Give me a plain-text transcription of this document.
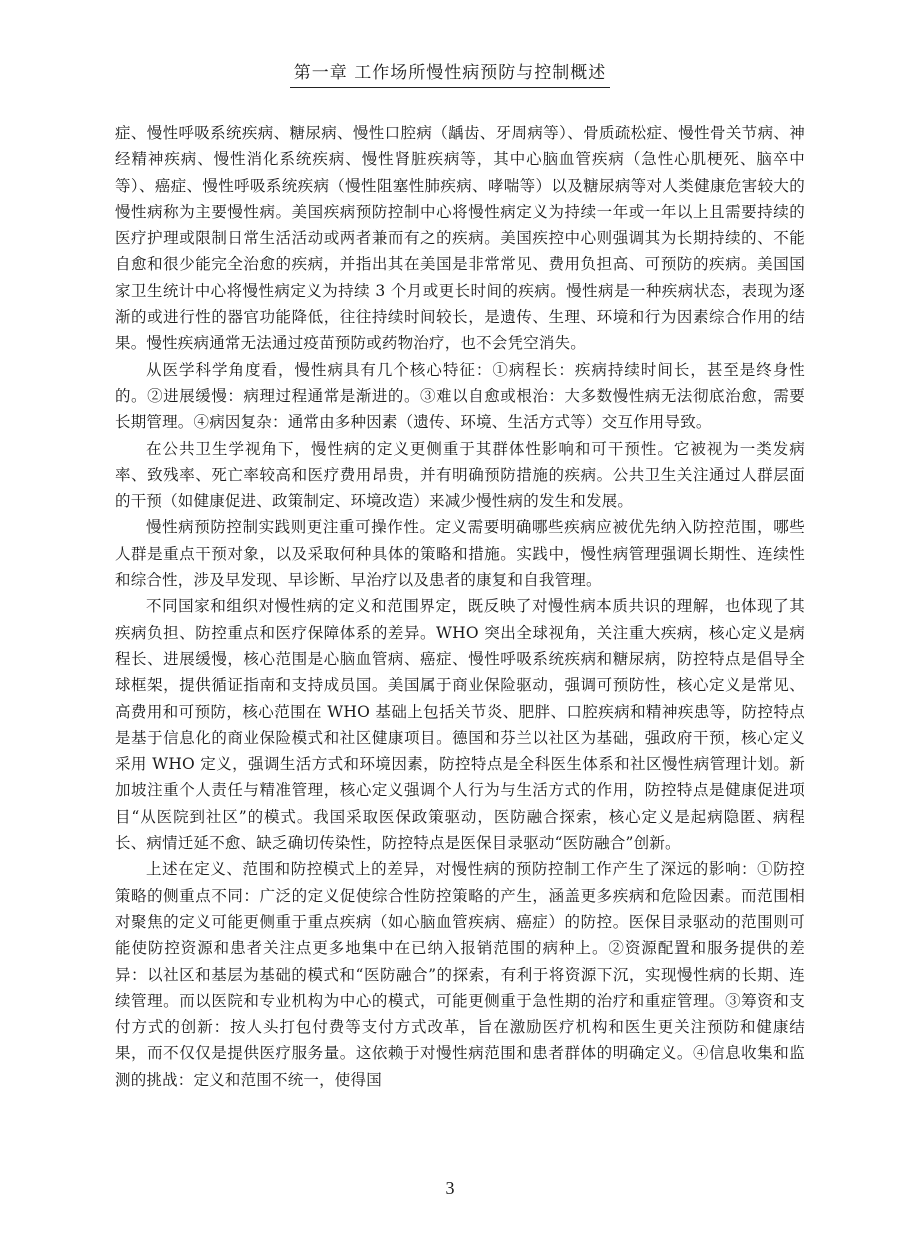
第一章 工作场所慢性病预防与控制概述

症、慢性呼吸系统疾病、糖尿病、慢性口腔病（龋齿、牙周病等）、骨质疏松症、慢性骨关节病、神经精神疾病、慢性消化系统疾病、慢性肾脏疾病等，其中心脑血管疾病（急性心肌梗死、脑卒中等）、癌症、慢性呼吸系统疾病（慢性阻塞性肺疾病、哮喘等）以及糖尿病等对人类健康危害较大的慢性病称为主要慢性病。美国疾病预防控制中心将慢性病定义为持续一年或一年以上且需要持续的医疗护理或限制日常生活活动或两者兼而有之的疾病。美国疾控中心则强调其为长期持续的、不能自愈和很少能完全治愈的疾病，并指出其在美国是非常常见、费用负担高、可预防的疾病。美国国家卫生统计中心将慢性病定义为持续 3 个月或更长时间的疾病。慢性病是一种疾病状态，表现为逐渐的或进行性的器官功能降低，往往持续时间较长，是遗传、生理、环境和行为因素综合作用的结果。慢性疾病通常无法通过疫苗预防或药物治疗，也不会凭空消失。

从医学科学角度看，慢性病具有几个核心特征：①病程长：疾病持续时间长，甚至是终身性的。②进展缓慢：病理过程通常是渐进的。③难以自愈或根治：大多数慢性病无法彻底治愈，需要长期管理。④病因复杂：通常由多种因素（遗传、环境、生活方式等）交互作用导致。

在公共卫生学视角下，慢性病的定义更侧重于其群体性影响和可干预性。它被视为一类发病率、致残率、死亡率较高和医疗费用昂贵，并有明确预防措施的疾病。公共卫生关注通过人群层面的干预（如健康促进、政策制定、环境改造）来减少慢性病的发生和发展。

慢性病预防控制实践则更注重可操作性。定义需要明确哪些疾病应被优先纳入防控范围，哪些人群是重点干预对象，以及采取何种具体的策略和措施。实践中，慢性病管理强调长期性、连续性和综合性，涉及早发现、早诊断、早治疗以及患者的康复和自我管理。

不同国家和组织对慢性病的定义和范围界定，既反映了对慢性病本质共识的理解，也体现了其疾病负担、防控重点和医疗保障体系的差异。WHO 突出全球视角，关注重大疾病，核心定义是病程长、进展缓慢，核心范围是心脑血管病、癌症、慢性呼吸系统疾病和糖尿病，防控特点是倡导全球框架，提供循证指南和支持成员国。美国属于商业保险驱动，强调可预防性，核心定义是常见、高费用和可预防，核心范围在 WHO 基础上包括关节炎、肥胖、口腔疾病和精神疾患等，防控特点是基于信息化的商业保险模式和社区健康项目。德国和芬兰以社区为基础，强政府干预，核心定义采用 WHO 定义，强调生活方式和环境因素，防控特点是全科医生体系和社区慢性病管理计划。新加坡注重个人责任与精准管理，核心定义强调个人行为与生活方式的作用，防控特点是健康促进项目“从医院到社区”的模式。我国采取医保政策驱动，医防融合探索，核心定义是起病隐匿、病程长、病情迁延不愈、缺乏确切传染性，防控特点是医保目录驱动“医防融合”创新。

上述在定义、范围和防控模式上的差异，对慢性病的预防控制工作产生了深远的影响：①防控策略的侧重点不同：广泛的定义促使综合性防控策略的产生，涵盖更多疾病和危险因素。而范围相对聚焦的定义可能更侧重于重点疾病（如心脑血管疾病、癌症）的防控。医保目录驱动的范围则可能使防控资源和患者关注点更多地集中在已纳入报销范围的病种上。②资源配置和服务提供的差异：以社区和基层为基础的模式和“医防融合”的探索，有利于将资源下沉，实现慢性病的长期、连续管理。而以医院和专业机构为中心的模式，可能更侧重于急性期的治疗和重症管理。③筹资和支付方式的创新：按人头打包付费等支付方式改革，旨在激励医疗机构和医生更关注预防和健康结果，而不仅仅是提供医疗服务量。这依赖于对慢性病范围和患者群体的明确定义。④信息收集和监测的挑战：定义和范围不统一，使得国

3
